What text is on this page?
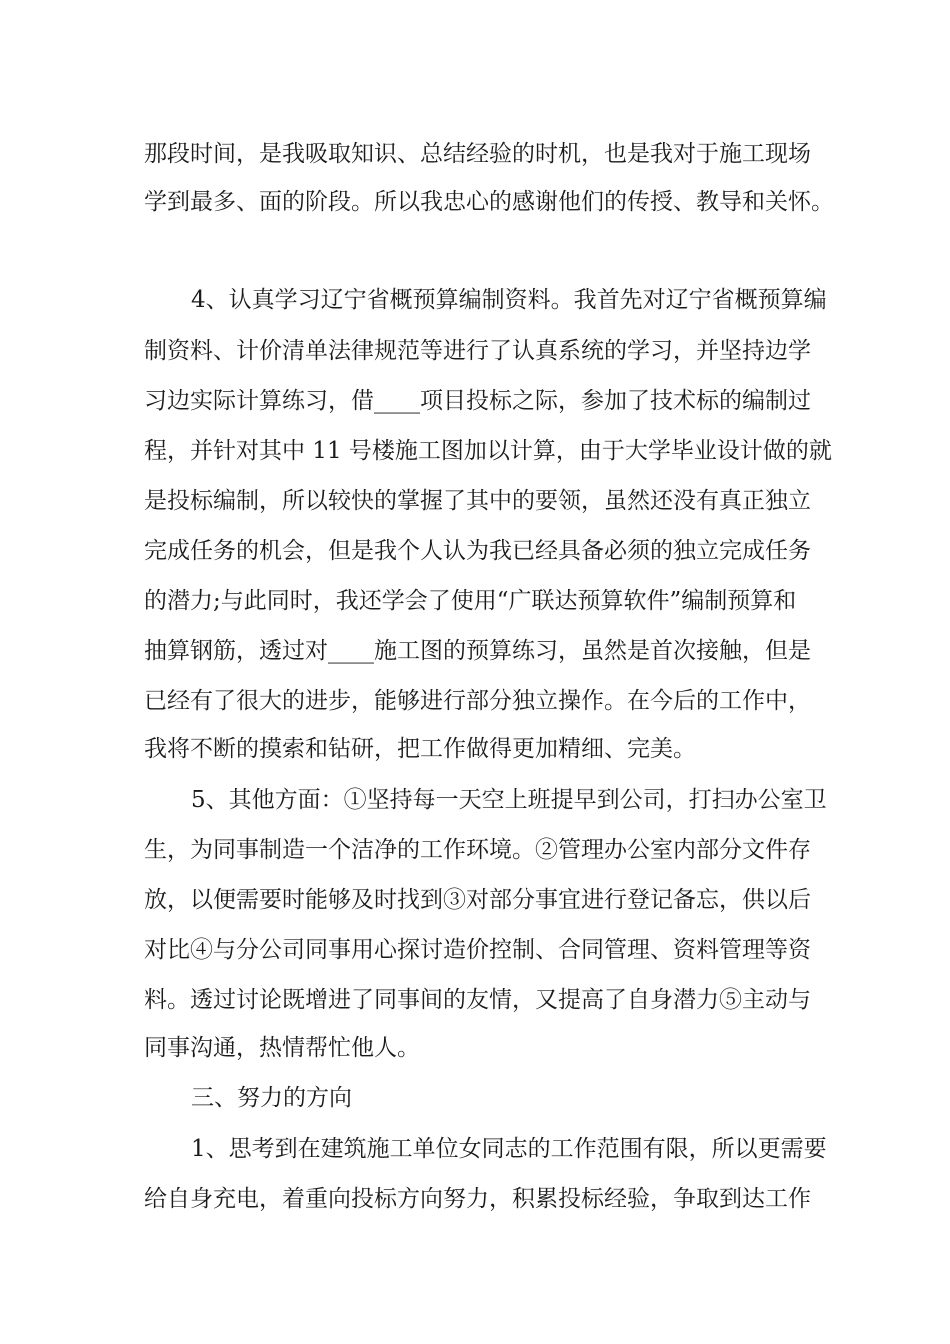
那段时间，是我吸取知识、总结经验的时机，也是我对于施工现场

学到最多、面的阶段。所以我忠心的感谢他们的传授、教导和关怀。

4、认真学习辽宁省概预算编制资料。我首先对辽宁省概预算编

制资料、计价清单法律规范等进行了认真系统的学习，并坚持边学

习边实际计算练习，借____项目投标之际，参加了技术标的编制过

程，并针对其中 11 号楼施工图加以计算，由于大学毕业设计做的就

是投标编制，所以较快的掌握了其中的要领，虽然还没有真正独立

完成任务的机会，但是我个人认为我已经具备必须的独立完成任务

的潜力;与此同时，我还学会了使用“广联达预算软件”编制预算和

抽算钢筋，透过对____施工图的预算练习，虽然是首次接触，但是

已经有了很大的进步，能够进行部分独立操作。在今后的工作中，

我将不断的摸索和钻研，把工作做得更加精细、完美。

5、其他方面：①坚持每一天空上班提早到公司，打扫办公室卫

生，为同事制造一个洁净的工作环境。②管理办公室内部分文件存

放，以便需要时能够及时找到③对部分事宜进行登记备忘，供以后

对比④与分公司同事用心探讨造价控制、合同管理、资料管理等资

料。透过讨论既增进了同事间的友情，又提高了自身潜力⑤主动与

同事沟通，热情帮忙他人。

三、努力的方向

1、思考到在建筑施工单位女同志的工作范围有限，所以更需要

给自身充电，着重向投标方向努力，积累投标经验，争取到达工作
